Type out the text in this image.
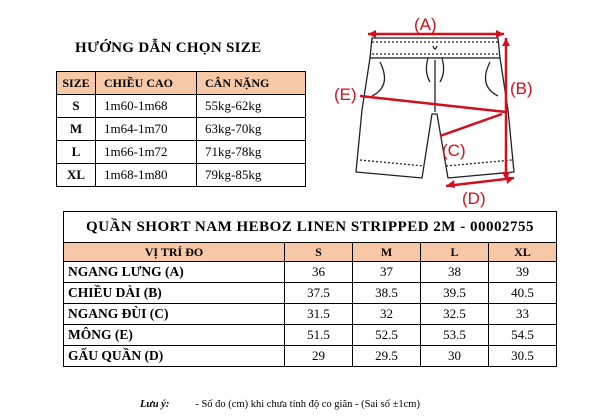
HƯỚNG DẪN CHỌN SIZE
SIZE	CHIỀU CAO	CÂN NẶNG
S	1m60-1m68	55kg-62kg
M	1m64-1m70	63kg-70kg
L	1m66-1m72	71kg-78kg
XL	1m68-1m80	79kg-85kg
(A)
(B)
(C)
(D)
(E)
QUẦN SHORT NAM HEBOZ LINEN STRIPPED 2M - 00002755				
VỊ TRÍ ĐO	S	M	L	XL
NGANG LƯNG (A)	36	37	38	39
CHIỀU DÀI (B)	37.5	38.5	39.5	40.5
NGANG ĐÙI (C)	31.5	32	32.5	33
MÔNG (E)	51.5	52.5	53.5	54.5
GẤU QUẦN (D)	29	29.5	30	30.5
Lưu ý: - Số đo (cm) khi chưa tính độ co giãn - (Sai số ±1cm)
